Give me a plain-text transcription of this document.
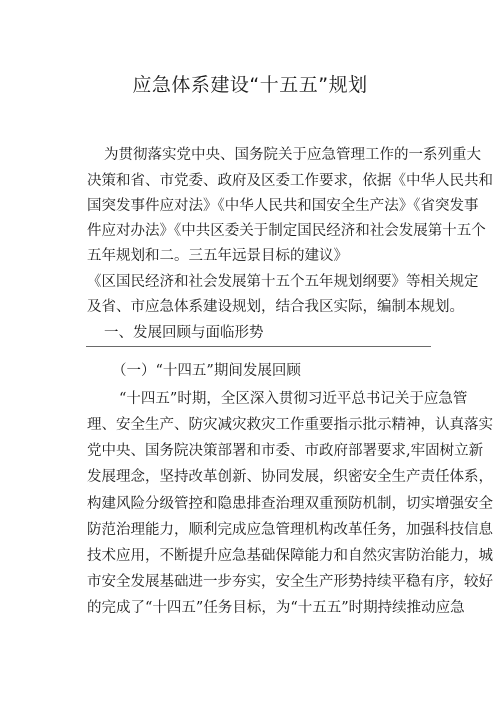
应急体系建设“十五五”规划
为贯彻落实党中央、国务院关于应急管理工作的一系列重大
决策和省、市党委、政府及区委工作要求，依据《中华人民共和
国突发事件应对法》《中华人民共和国安全生产法》《省突发事
件应对办法》《中共区委关于制定国民经济和社会发展第十五个
五年规划和二。三五年远景目标的建议》
《区国民经济和社会发展第十五个五年规划纲要》等相关规定
及省、市应急体系建设规划，结合我区实际，编制本规划。
一、发展回顾与面临形势
（一）“十四五”期间发展回顾
“十四五”时期，全区深入贯彻习近平总书记关于应急管
理、安全生产、防灾减灾救灾工作重要指示批示精神，认真落实
党中央、国务院决策部署和市委、市政府部署要求,牢固树立新
发展理念，坚持改革创新、协同发展，织密安全生产责任体系，
构建风险分级管控和隐患排查治理双重预防机制，切实增强安全
防范治理能力，顺利完成应急管理机构改革任务，加强科技信息
技术应用，不断提升应急基础保障能力和自然灾害防治能力，城
市安全发展基础进一步夯实，安全生产形势持续平稳有序，较好
的完成了“十四五”任务目标，为“十五五”时期持续推动应急
